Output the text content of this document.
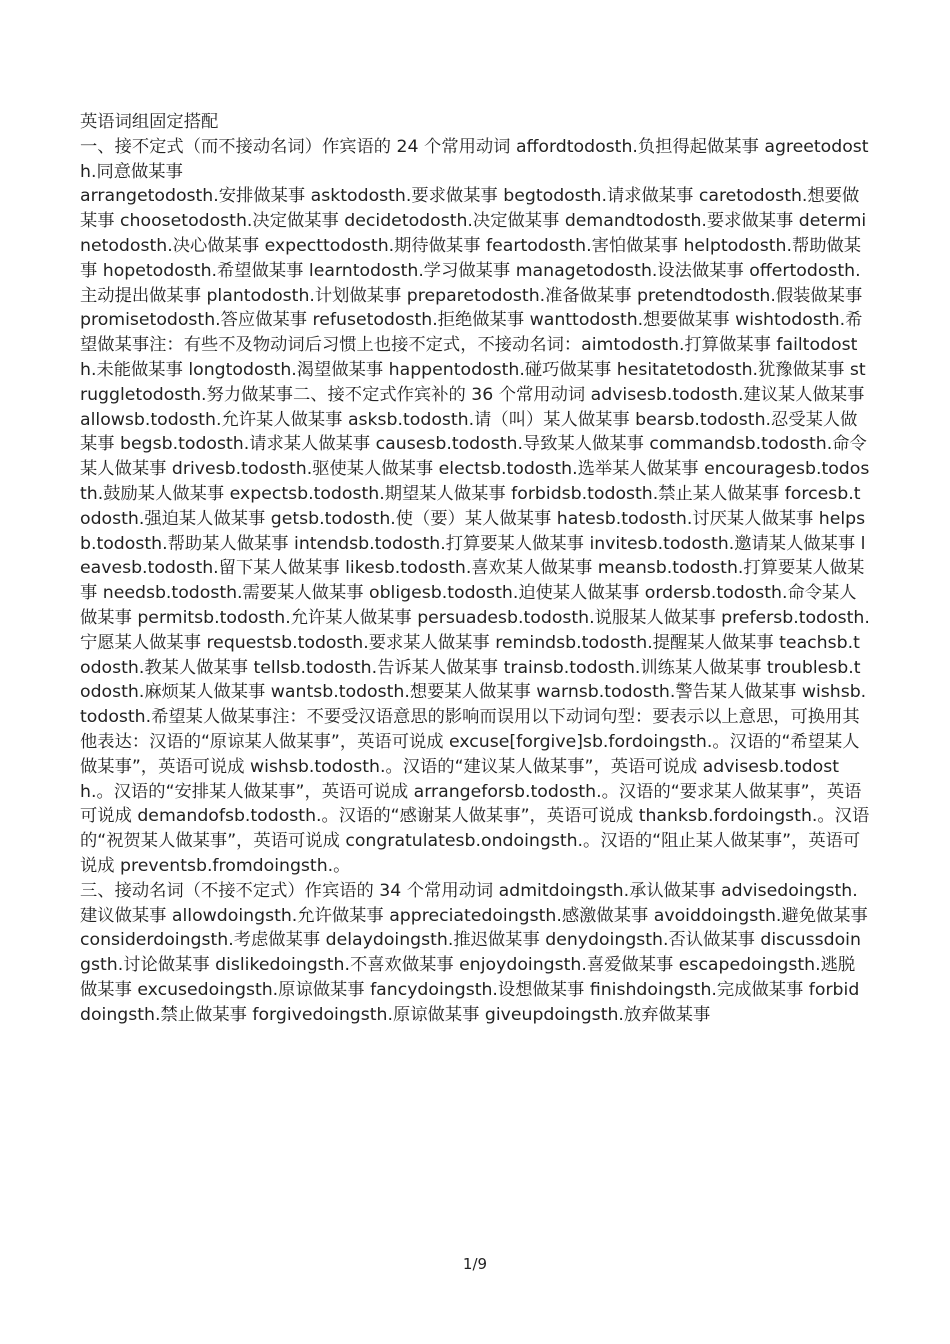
英语词组固定搭配

一、接不定式（而不接动名词）作宾语的 24 个常用动词 affordtodosth.负担得起做某事 agreetodosth.同意做某事

arrangetodosth.安排做某事 asktodosth.要求做某事 begtodosth.请求做某事 caretodosth.想要做某事 choosetodosth.决定做某事 decidetodosth.决定做某事 demandtodosth.要求做某事 determinetodosth.决心做某事 expecttodosth.期待做某事 feartodosth.害怕做某事 helptodosth.帮助做某事 hopetodosth.希望做某事 learntodosth.学习做某事 managetodosth.设法做某事 offertodosth.主动提出做某事 plantodosth.计划做某事 preparetodosth.准备做某事 pretendtodosth.假装做某事 promisetodosth.答应做某事 refusetodosth.拒绝做某事 wanttodosth.想要做某事 wishtodosth.希望做某事注：有些不及物动词后习惯上也接不定式，不接动名词：aimtodosth.打算做某事 failtodosth.未能做某事 longtodosth.渴望做某事 happentodosth.碰巧做某事 hesitatetodosth.犹豫做某事 struggletodosth.努力做某事二、接不定式作宾补的 36 个常用动词 advisesb.todosth.建议某人做某事 allowsb.todosth.允许某人做某事 asksb.todosth.请（叫）某人做某事 bearsb.todosth.忍受某人做某事 begsb.todosth.请求某人做某事 causesb.todosth.导致某人做某事 commandsb.todosth.命令某人做某事 drivesb.todosth.驱使某人做某事 electsb.todosth.选举某人做某事 encouragesb.todosth.鼓励某人做某事 expectsb.todosth.期望某人做某事 forbidsb.todosth.禁止某人做某事 forcesb.todosth.强迫某人做某事 getsb.todosth.使（要）某人做某事 hatesb.todosth.讨厌某人做某事 helpsb.todosth.帮助某人做某事 intendsb.todosth.打算要某人做某事 invitesb.todosth.邀请某人做某事 leavesb.todosth.留下某人做某事 likesb.todosth.喜欢某人做某事 meansb.todosth.打算要某人做某事 needsb.todosth.需要某人做某事 obligesb.todosth.迫使某人做某事 ordersb.todosth.命令某人做某事 permitsb.todosth.允许某人做某事 persuadesb.todosth.说服某人做某事 prefersb.todosth.宁愿某人做某事 requestsb.todosth.要求某人做某事 remindsb.todosth.提醒某人做某事 teachsb.todosth.教某人做某事 tellsb.todosth.告诉某人做某事 trainsb.todosth.训练某人做某事 troublesb.todosth.麻烦某人做某事 wantsb.todosth.想要某人做某事 warnsb.todosth.警告某人做某事 wishsb.todosth.希望某人做某事注：不要受汉语意思的影响而误用以下动词句型：要表示以上意思，可换用其他表达：汉语的“原谅某人做某事”，英语可说成 excuse[forgive]sb.fordoingsth.。汉语的“希望某人做某事”，英语可说成 wishsb.todosth.。汉语的“建议某人做某事”，英语可说成 advisesb.todosth.。汉语的“安排某人做某事”，英语可说成 arrangeforsb.todosth.。汉语的“要求某人做某事”，英语可说成 demandofsb.todosth.。汉语的“感谢某人做某事”，英语可说成 thanksb.fordoingsth.。汉语的“祝贺某人做某事”，英语可说成 congratulatesb.ondoingsth.。汉语的“阻止某人做某事”，英语可说成 preventsb.fromdoingsth.。

三、接动名词（不接不定式）作宾语的 34 个常用动词 admitdoingsth.承认做某事 advisedoingsth.建议做某事 allowdoingsth.允许做某事 appreciatedoingsth.感激做某事 avoiddoingsth.避免做某事 considerdoingsth.考虑做某事 delaydoingsth.推迟做某事 denydoingsth.否认做某事 discussdoingsth.讨论做某事 dislikedoingsth.不喜欢做某事 enjoydoingsth.喜爱做某事 escapedoingsth.逃脱做某事 excusedoingsth.原谅做某事 fancydoingsth.设想做某事 finishdoingsth.完成做某事 forbiddoingsth.禁止做某事 forgivedoingsth.原谅做某事 giveupdoingsth.放弃做某事

1/9
